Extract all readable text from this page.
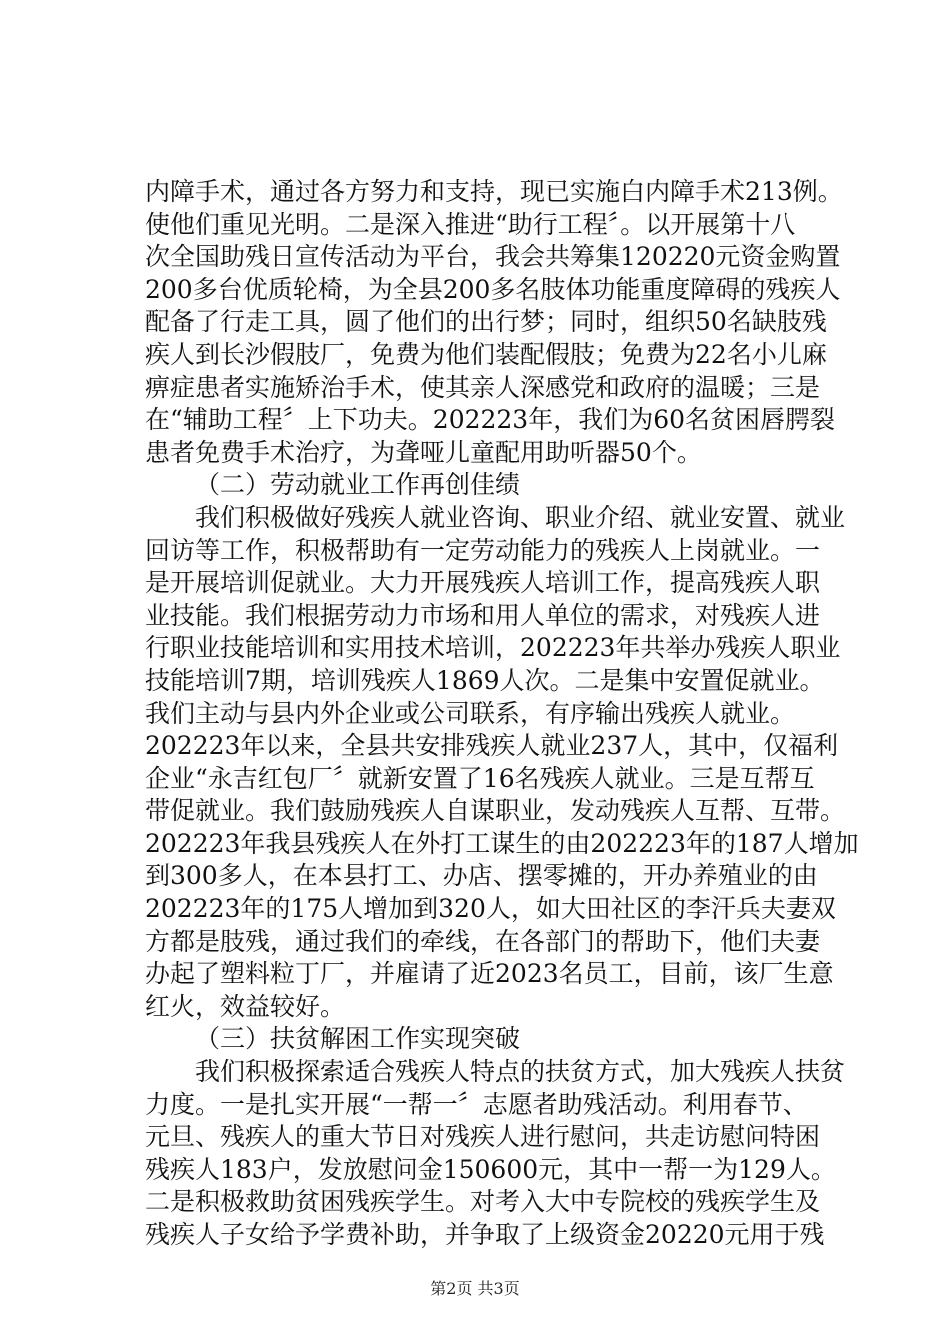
内障手术，通过各方努力和支持，现已实施白内障手术213例。
使他们重见光明。二是深入推进“助行工程〞。以开展第十八
次全国助残日宣传活动为平台，我会共筹集120220元资金购置
200多台优质轮椅，为全县200多名肢体功能重度障碍的残疾人
配备了行走工具，圆了他们的出行梦；同时，组织50名缺肢残
疾人到长沙假肢厂，免费为他们装配假肢；免费为22名小儿麻
痹症患者实施矫治手术，使其亲人深感党和政府的温暖；三是
在“辅助工程〞上下功夫。202223年，我们为60名贫困唇腭裂
患者免费手术治疗，为聋哑儿童配用助听器50个。
（二）劳动就业工作再创佳绩
我们积极做好残疾人就业咨询、职业介绍、就业安置、就业
回访等工作，积极帮助有一定劳动能力的残疾人上岗就业。一
是开展培训促就业。大力开展残疾人培训工作，提高残疾人职
业技能。我们根据劳动力市场和用人单位的需求，对残疾人进
行职业技能培训和实用技术培训，202223年共举办残疾人职业
技能培训7期，培训残疾人1869人次。二是集中安置促就业。
我们主动与县内外企业或公司联系，有序输出残疾人就业。
202223年以来，全县共安排残疾人就业237人，其中，仅福利
企业“永吉红包厂〞就新安置了16名残疾人就业。三是互帮互
带促就业。我们鼓励残疾人自谋职业，发动残疾人互帮、互带。
202223年我县残疾人在外打工谋生的由202223年的187人增加
到300多人，在本县打工、办店、摆零摊的，开办养殖业的由
202223年的175人增加到320人，如大田社区的李汗兵夫妻双
方都是肢残，通过我们的牵线，在各部门的帮助下，他们夫妻
办起了塑料粒丁厂，并雇请了近2023名员工，目前，该厂生意
红火，效益较好。
（三）扶贫解困工作实现突破
我们积极探索适合残疾人特点的扶贫方式，加大残疾人扶贫
力度。一是扎实开展“一帮一〞志愿者助残活动。利用春节、
元旦、残疾人的重大节日对残疾人进行慰问，共走访慰问特困
残疾人183户，发放慰问金150600元，其中一帮一为129人。
二是积极救助贫困残疾学生。对考入大中专院校的残疾学生及
残疾人子女给予学费补助，并争取了上级资金20220元用于残
第2页 共3页
